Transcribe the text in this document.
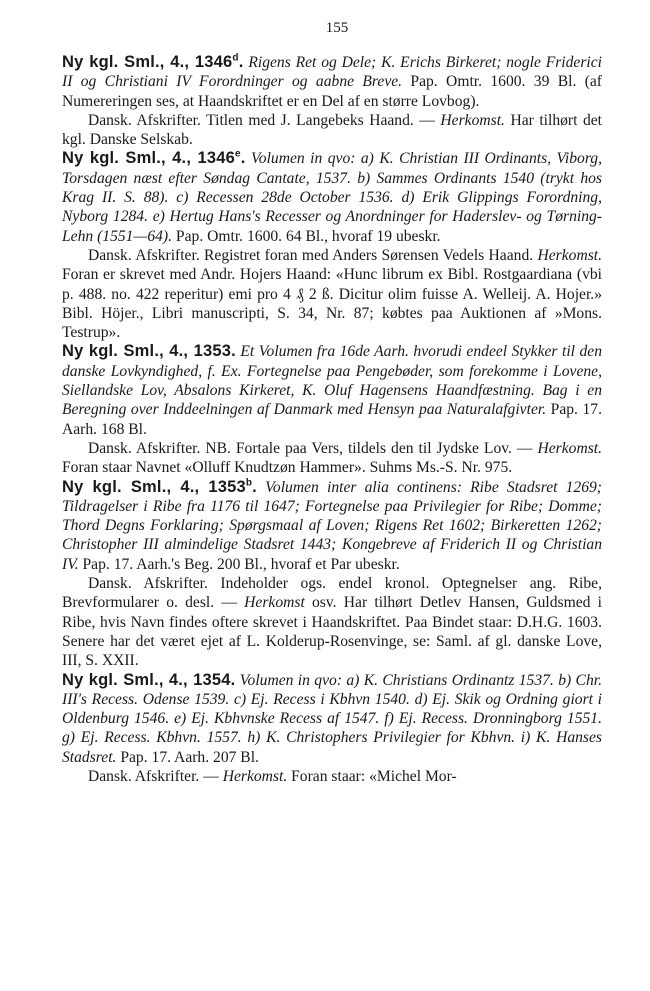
155

Ny kgl. Sml., 4., 1346$^d$. Rigens Ret og Dele; K. Erichs Birkeret; nogle Friderici II og Christiani IV Forordninger og aabne Breve. Pap. Omtr. 1600. 39 Bl. (af Numereringen ses, at Haandskriftet er en Del af en større Lovbog).

Dansk. Afskrifter. Titlen med J. Langebeks Haand. — Herkomst. Har tilhørt det kgl. Danske Selskab.

Ny kgl. Sml., 4., 1346e. Volumen in qvo: a) K. Christian III Ordinants, Viborg, Torsdagen næst efter Søndag Cantate, 1537. b) Sammes Ordinants 1540 (trykt hos Krag II. S. 88). c) Recessen 28de October 1536. d) Erik Glippings Forordning, Nyborg 1284. e) Hertug Hans's Recesser og Anordninger for Haderslev- og Tørning-Lehn (1551—64). Pap. Omtr. 1600. 64 Bl., hvoraf 19 ubeskr.

Dansk. Afskrifter. Registret foran med Anders Sørensen Vedels Haand. Herkomst. Foran er skrevet med Andr. Hojers Haand: «Hunc librum ex Bibl. Rostgaardiana (vbi p. 488. no. 422 reperitur) emi pro 4 ₰ 2 ß. Dicitur olim fuisse A. Welleij. A. Hojer.» Bibl. Höjer., Libri manuscripti, S. 34, Nr. 87; købtes paa Auktionen af »Mons. Testrup».

Ny kgl. Sml., 4., 1353. Et Volumen fra 16de Aarh. hvorudi endeel Stykker til den danske Lovkyndighed, f. Ex. Fortegnelse paa Pengebøder, som forekomme i Lovene, Siellandske Lov, Absalons Kirkeret, K. Oluf Hagensens Haandfæstning. Bag i en Beregning over Inddeelningen af Danmark med Hensyn paa Naturalafgivter. Pap. 17. Aarh. 168 Bl.

Dansk. Afskrifter. NB. Fortale paa Vers, tildels den til Jydske Lov. — Herkomst. Foran staar Navnet «Olluff Knudtzøn Hammer». Suhms Ms.-S. Nr. 975.

Ny kgl. Sml., 4., 1353$^b$. Volumen inter alia continens: Ribe Stadsret 1269; Tildragelser i Ribe fra 1176 til 1647; Fortegnelse paa Privilegier for Ribe; Domme; Thord Degns Forklaring; Spørgsmaal af Loven; Rigens Ret 1602; Birkeretten 1262; Christopher III almindelige Stadsret 1443; Kongebreve af Friderich II og Christian IV. Pap. 17. Aarh.'s Beg. 200 Bl., hvoraf et Par ubeskr.

Dansk. Afskrifter. Indeholder ogs. endel kronol. Optegnelser ang. Ribe, Brevformularer o. desl. — Herkomst osv. Har tilhørt Detlev Hansen, Guldsmed i Ribe, hvis Navn findes oftere skrevet i Haandskriftet. Paa Bindet staar: D.H.G. 1603. Senere har det været ejet af L. Kolderup-Rosenvinge, se: Saml. af gl. danske Love, III, S. XXII.

Ny kgl. Sml., 4., 1354. Volumen in qvo: a) K. Christians Ordinantz 1537. b) Chr. III's Recess. Odense 1539. c) Ej. Recess i Kbhvn 1540. d) Ej. Skik og Ordning giort i Oldenburg 1546. e) Ej. Kbhvnske Recess af 1547. f) Ej. Recess. Dronningborg 1551. g) Ej. Recess. Kbhvn. 1557. h) K. Christophers Privilegier for Kbhvn. i) K. Hanses Stadsret. Pap. 17. Aarh. 207 Bl.

Dansk. Afskrifter. — Herkomst. Foran staar: «Michel Mor-
